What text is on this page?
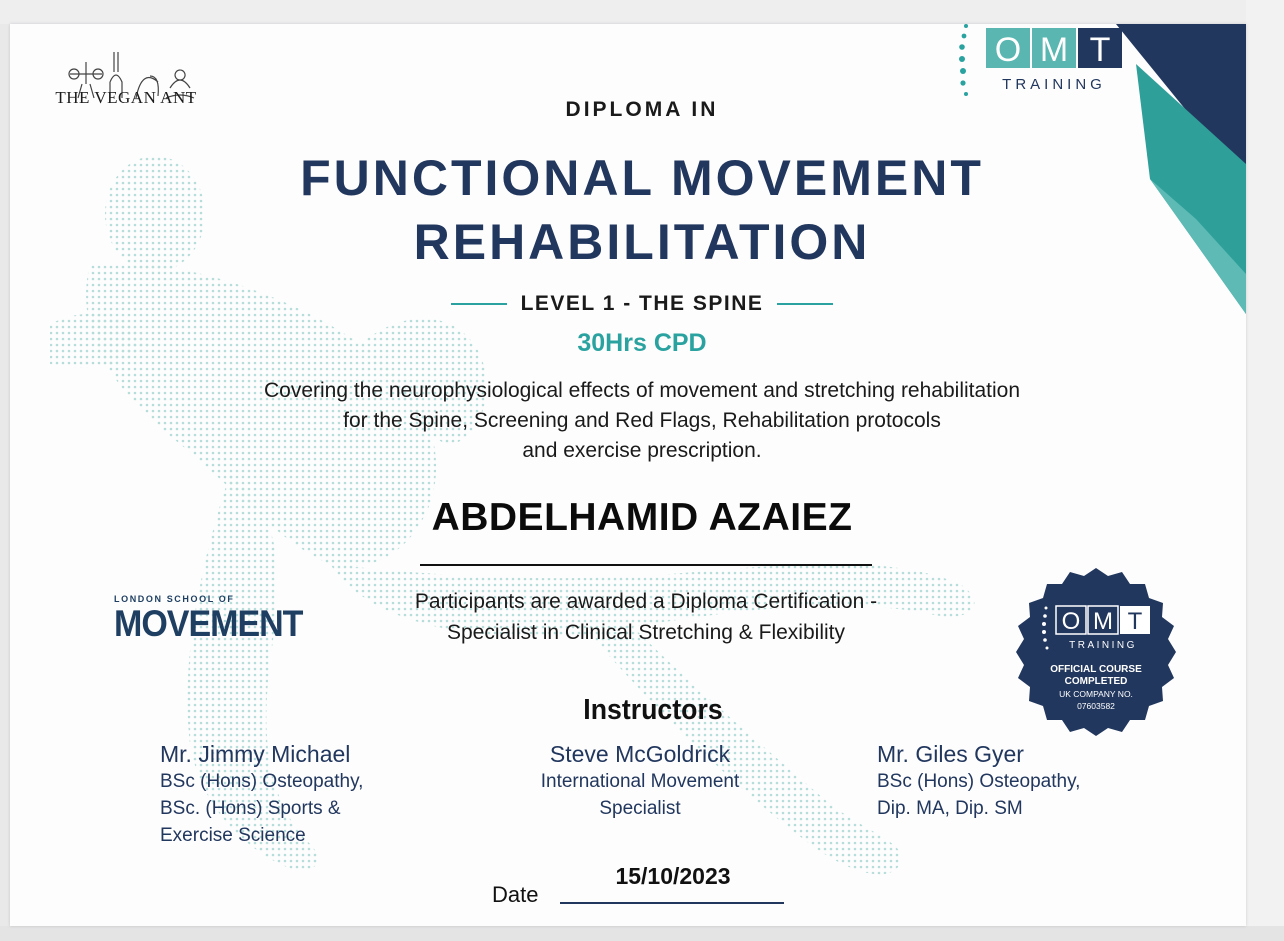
THE VEGAN ANT
O M T
TRAINING
DIPLOMA IN
FUNCTIONAL MOVEMENT
REHABILITATION
LEVEL 1 - THE SPINE
30Hrs CPD
Covering the neurophysiological effects of movement and stretching rehabilitation
for the Spine, Screening and Red Flags, Rehabilitation protocols
and exercise prescription.
ABDELHAMID AZAIEZ
LONDON SCHOOL OF
MOVEMENT
Participants are awarded a Diploma Certification -
Specialist in Clinical Stretching & Flexibility	O M T
TRAINING
OFFICIAL COURSE
COMPLETED
UK COMPANY NO.
07603582
Instructors
Mr. Jimmy Michael
BSc (Hons) Osteopathy,
BSc. (Hons) Sports &
Exercise Science
Steve McGoldrick
International Movement
Specialist
Mr. Giles Gyer
BSc (Hons) Osteopathy,
Dip. MA, Dip. SM
Date
15/10/2023
